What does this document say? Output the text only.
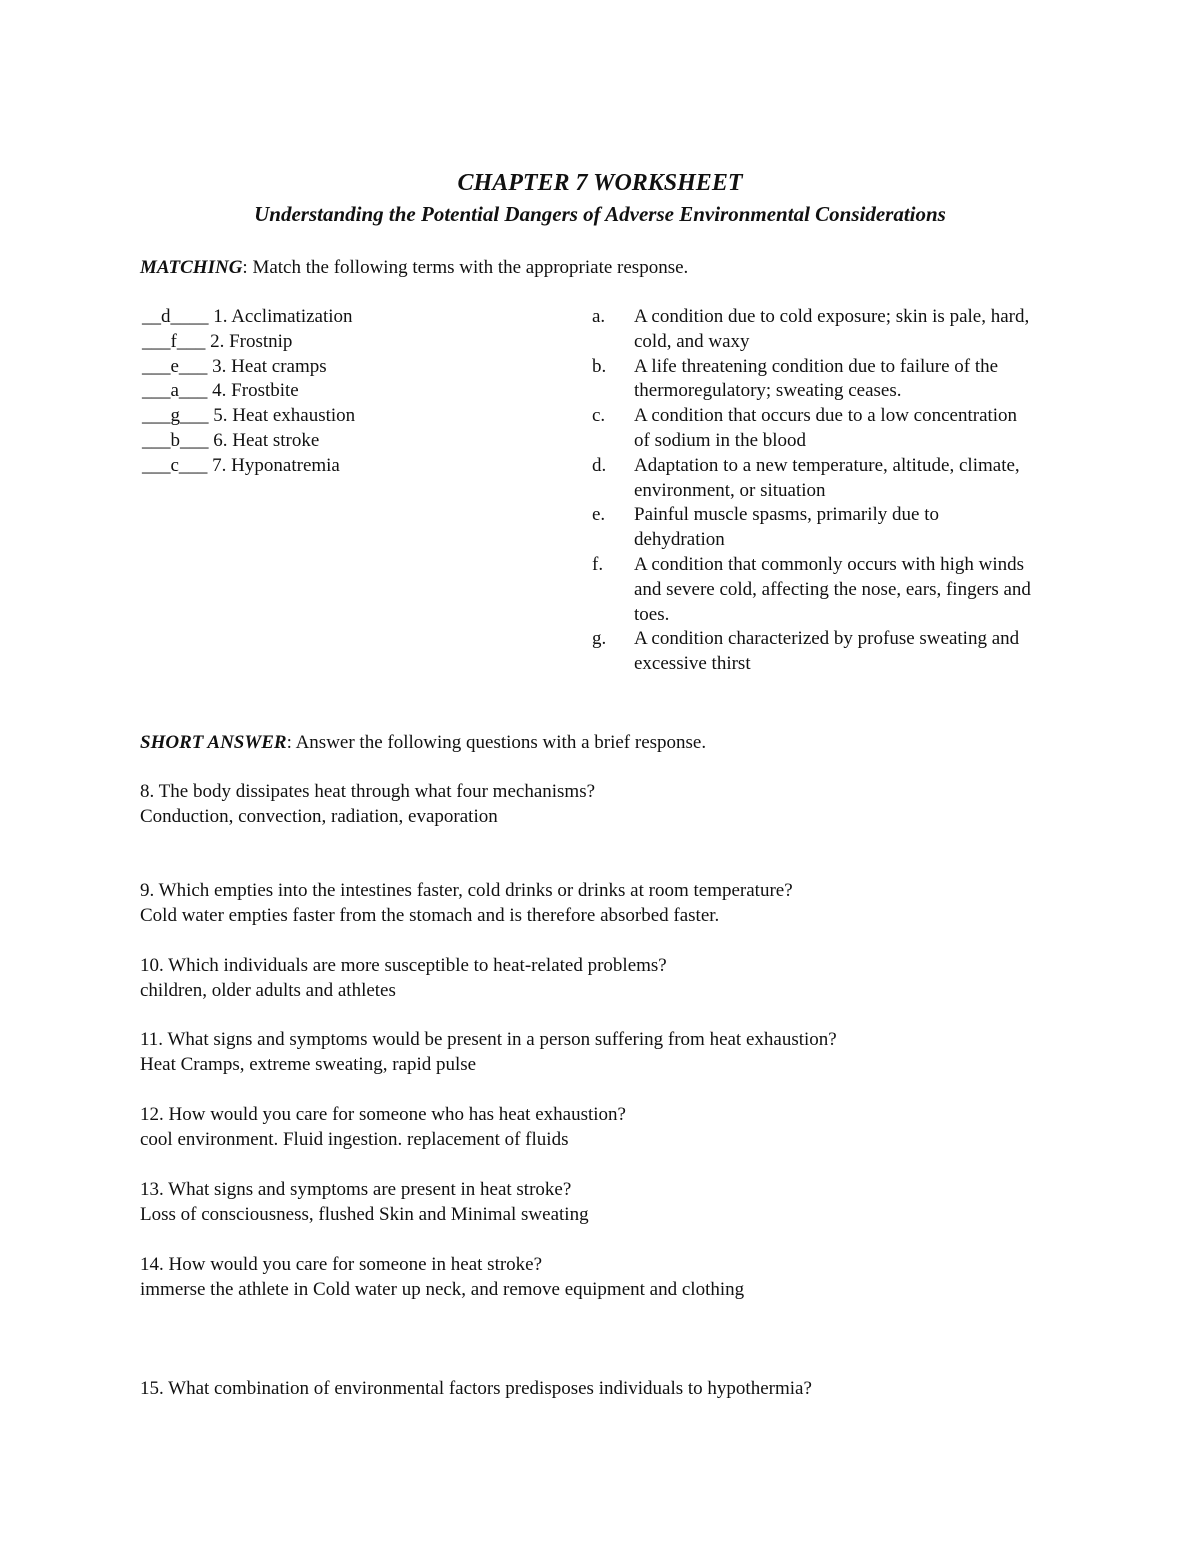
CHAPTER 7 WORKSHEET
Understanding the Potential Dangers of Adverse Environmental Considerations
MATCHING: Match the following terms with the appropriate response.
__d____ 1. Acclimatization
___f___ 2. Frostnip
___e___ 3. Heat cramps
___a___ 4. Frostbite
___g___ 5. Heat exhaustion
___b___ 6. Heat stroke
___c___ 7. Hyponatremia
a.	A condition due to cold exposure; skin is pale, hard, cold, and waxy
b.	A life threatening condition due to failure of the thermoregulatory; sweating ceases.
c.	A condition that occurs due to a low concentration of sodium in the blood
d.	Adaptation to a new temperature, altitude, climate, environment, or situation
e.	Painful muscle spasms, primarily due to dehydration
f.	A condition that commonly occurs with high winds and severe cold, affecting the nose, ears, fingers and toes.
g.	A condition characterized by profuse sweating and excessive thirst
SHORT ANSWER: Answer the following questions with a brief response.
8. The body dissipates heat through what four mechanisms?
Conduction, convection, radiation, evaporation
9. Which empties into the intestines faster, cold drinks or drinks at room temperature?
Cold water empties faster from the stomach and is therefore absorbed faster.
10. Which individuals are more susceptible to heat-related problems?
children, older adults and athletes
11. What signs and symptoms would be present in a person suffering from heat exhaustion?
Heat Cramps, extreme sweating, rapid pulse
12. How would you care for someone who has heat exhaustion?
cool environment. Fluid ingestion. replacement of fluids
13. What signs and symptoms are present in heat stroke?
Loss of consciousness, flushed Skin and Minimal sweating
14. How would you care for someone in heat stroke?
immerse the athlete in Cold water up neck, and remove equipment and clothing
15. What combination of environmental factors predisposes individuals to hypothermia?
